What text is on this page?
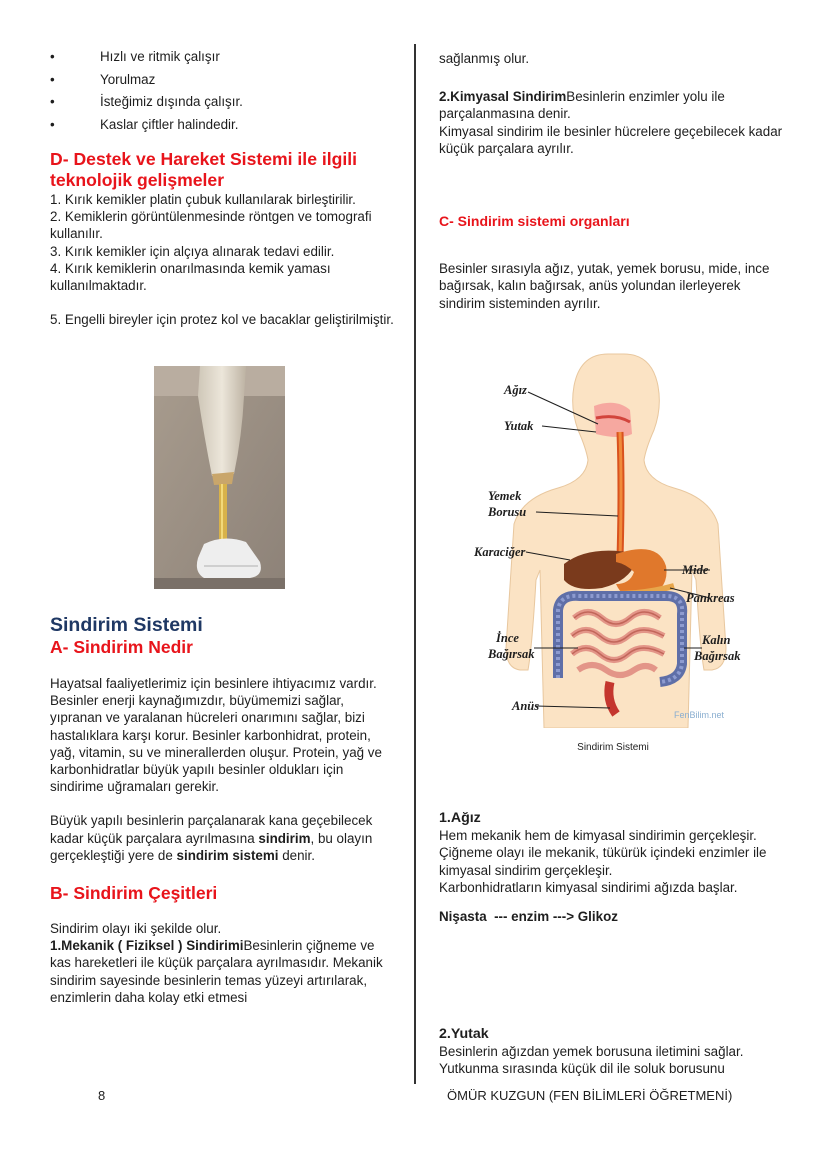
•	Hızlı ve ritmik çalışır
•	Yorulmaz
•	İsteğimiz dışında çalışır.
•	Kaslar çiftler halindedir.

D- Destek ve Hareket Sistemi ile ilgili teknolojik gelişmeler

1. Kırık kemikler platin çubuk kullanılarak birleştirilir.

2. Kemiklerin görüntülenmesinde röntgen ve tomografi kullanılır.

3. Kırık kemikler için alçıya alınarak tedavi edilir.

4. Kırık kemiklerin onarılmasında kemik yaması kullanılmaktadır.

5. Engelli bireyler için protez kol ve bacaklar geliştirilmiştir.

Sindirim Sistemi

A- Sindirim Nedir

Hayatsal faaliyetlerimiz için besinlere ihtiyacımız vardır.

Besinler enerji kaynağımızdır, büyümemizi sağlar, yıpranan ve yaralanan hücreleri onarımını sağlar, bizi hastalıklara karşı korur. Besinler karbonhidrat, protein, yağ, vitamin, su ve minerallerden oluşur. Protein, yağ ve karbonhidratlar büyük yapılı besinler oldukları için sindirime uğramaları gerekir.

Büyük yapılı besinlerin parçalanarak kana geçebilecek kadar küçük parçalara ayrılmasına sindirim, bu olayın gerçekleştiği yere de sindirim sistemi denir.

B- Sindirim Çeşitleri

Sindirim olayı iki şekilde olur.

1.Mekanik ( Fiziksel ) SindirimiBesinlerin çiğneme ve kas hareketleri ile küçük parçalara ayrılmasıdır. Mekanik sindirim sayesinde besinlerin temas yüzeyi artırılarak, enzimlerin daha kolay etki etmesi

sağlanmış olur.

2.Kimyasal SindirimBesinlerin enzimler yolu ile parçalanmasına denir.

Kimyasal sindirim ile besinler hücrelere geçebilecek kadar küçük parçalara ayrılır.

C- Sindirim sistemi organları

Besinler sırasıyla ağız, yutak, yemek borusu, mide, ince bağırsak, kalın bağırsak, anüs yolundan ilerleyerek sindirim sisteminden ayrılır.

Ağız
Yutak
Yemek
Borusu
Karaciğer
Mide
Pankreas
İnce
Bağırsak
Kalın
Bağırsak
Anüs
FenBilim.net
Sindirim Sistemi

1.Ağız

Hem mekanik hem de kimyasal sindirimin gerçekleşir.

Çiğneme olayı ile mekanik, tükürük içindeki enzimler ile kimyasal sindirim gerçekleşir.

Karbonhidratların kimyasal sindirimi ağızda başlar.

Nişasta  --- enzim ---> Glikoz

2.Yutak

Besinlerin ağızdan yemek borusuna iletimini sağlar. Yutkunma sırasında küçük dil ile soluk borusunu

8	ÖMÜR KUZGUN (FEN BİLİMLERİ ÖĞRETMENİ)
